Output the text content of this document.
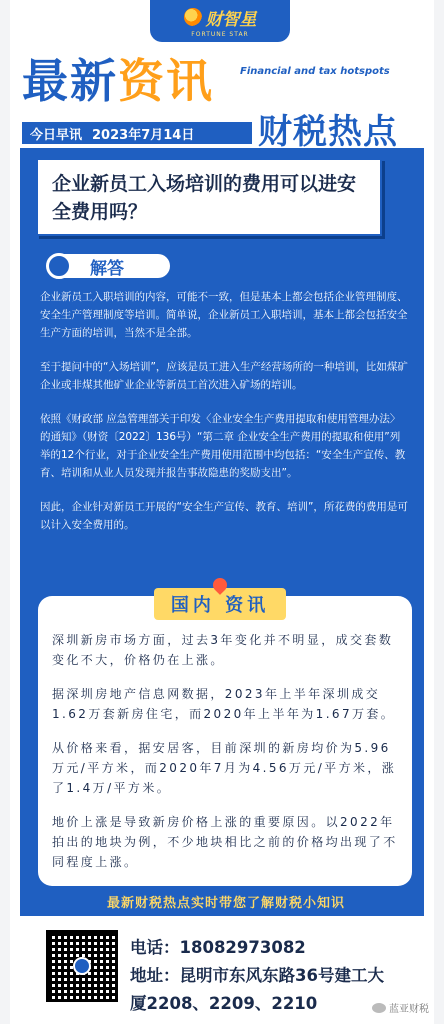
财智星
FORTUNE STAR
最新资讯	Financial and tax hotspots
今日早讯 2023年7月14日 财税热点
企业新员工入场培训的费用可以进安全费用吗？
解答

企业新员工入职培训的内容，可能不一致，但是基本上都会包括企业管理制度、安全生产管理制度等培训。简单说，企业新员工入职培训，基本上都会包括安全生产方面的培训，当然不是全部。

至于提问中的“入场培训”，应该是员工进入生产经营场所的一种培训，比如煤矿企业或非煤其他矿业企业等新员工首次进入矿场的培训。

依照《财政部 应急管理部关于印发〈企业安全生产费用提取和使用管理办法〉的通知》（财资〔2022〕136号）“第二章 企业安全生产费用的提取和使用”列举的12个行业，对于企业安全生产费用使用范围中均包括：“安全生产宣传、教育、培训和从业人员发现并报告事故隐患的奖励支出”。

因此，企业针对新员工开展的“安全生产宣传、教育、培训”，所花费的费用是可以计入安全费用的。

国内 资讯

深圳新房市场方面，过去3年变化并不明显，成交套数变化不大，价格仍在上涨。

据深圳房地产信息网数据，2023年上半年深圳成交1.62万套新房住宅，而2020年上半年为1.67万套。

从价格来看，据安居客，目前深圳的新房均价为5.96万元/平方米，而2020年7月为4.56万元/平方米，涨了1.4万/平方米。

地价上涨是导致新房价格上涨的重要原因。以2022年拍出的地块为例，不少地块相比之前的价格均出现了不同程度上涨。

最新财税热点实时带您了解财税小知识
电话：18082973082
地址：昆明市东风东路36号建工大
厦2208、2209、2210	蓝亚财税
